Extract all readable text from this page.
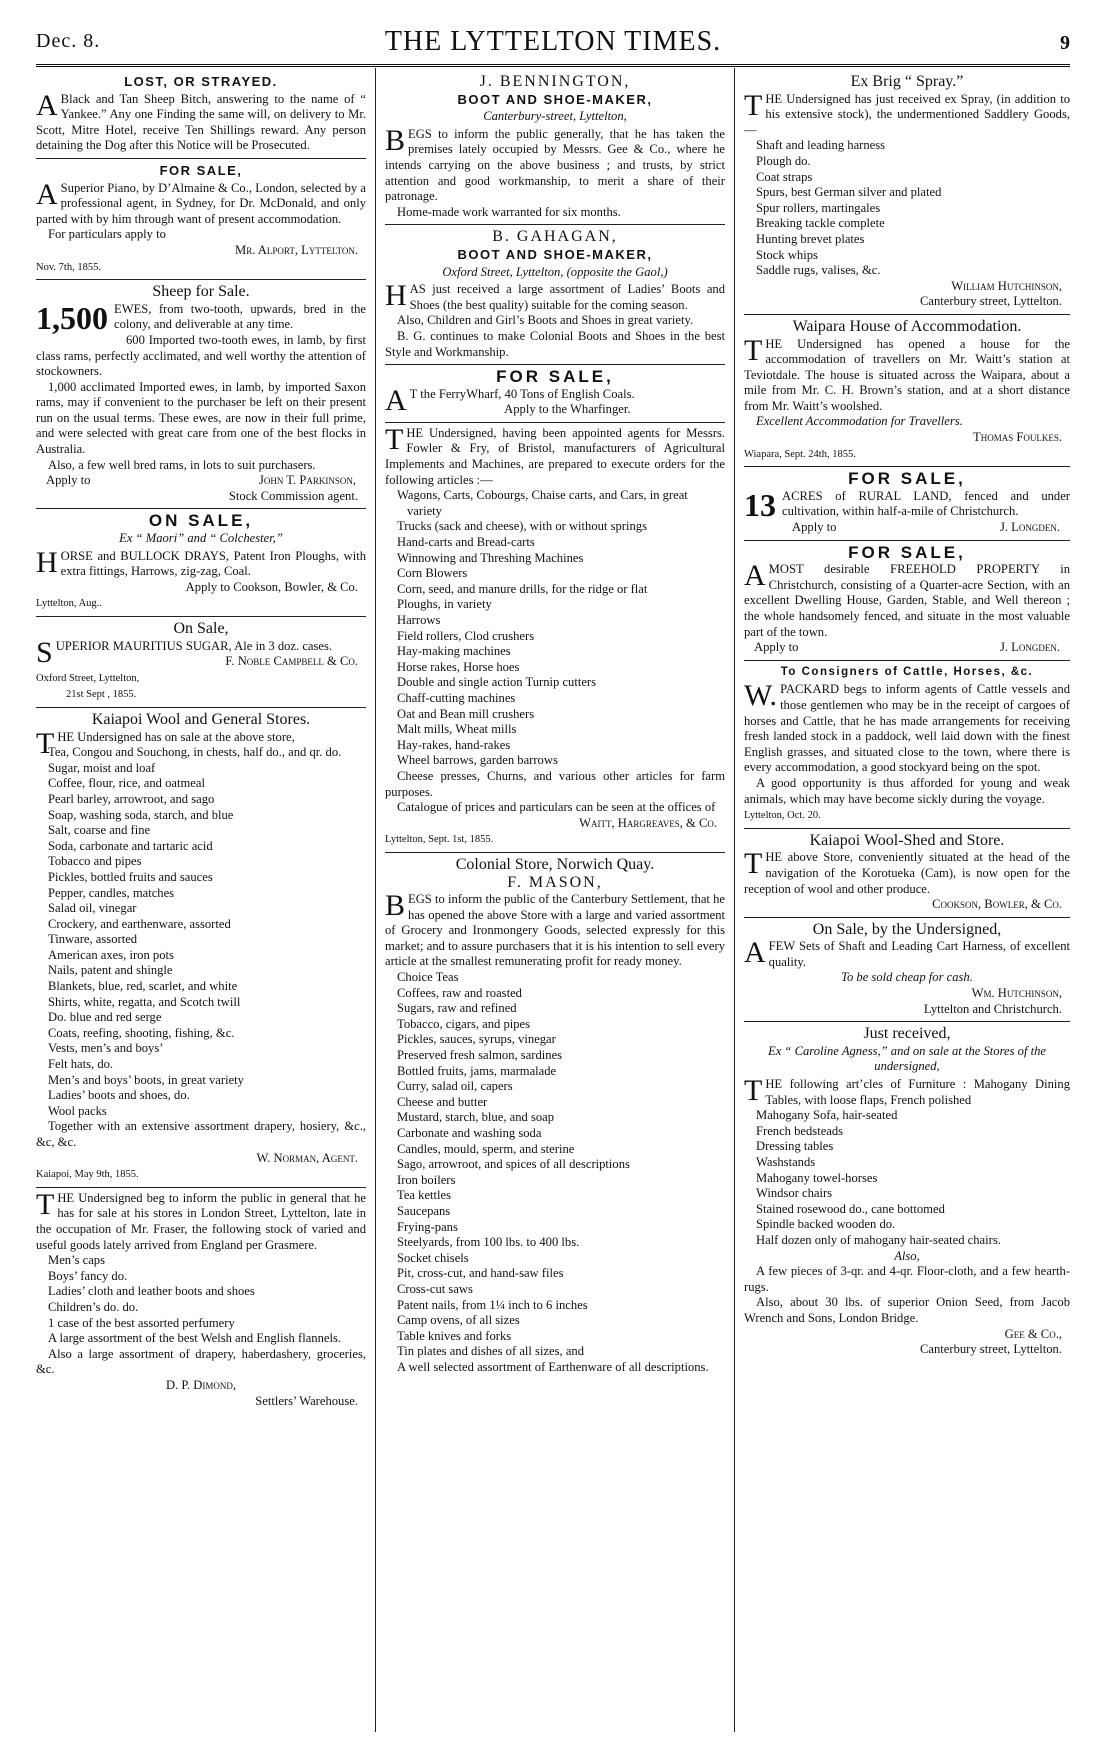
Dec. 8.	THE LYTTELTON TIMES.	9
LOST, OR STRAYED.

ABlack and Tan Sheep Bitch, answering to the name of “ Yankee.” Any one Finding the same will, on delivery to Mr. Scott, Mitre Hotel, receive Ten Shillings reward. Any person detaining the Dog after this Notice will be Prosecuted.

FOR SALE,

ASuperior Piano, by D’Almaine & Co., London, selected by a professional agent, in Sydney, for Dr. McDonald, and only parted with by him through want of present accommodation.

For particulars apply to

Mr. Alport, Lyttelton.

Nov. 7th, 1855.

Sheep for Sale.

1,500 EWES, from two-tooth, upwards, bred in the colony, and deliverable at any time.

600 Imported two-tooth ewes, in lamb, by first class rams, perfectly acclimated, and well worthy the attention of stockowners.

1,000 acclimated Imported ewes, in lamb, by imported Saxon rams, may if convenient to the purchaser be left on their present run on the usual terms. These ewes, are now in their full prime, and were selected with great care from one of the best flocks in Australia.

Also, a few well bred rams, in lots to suit purchasers.

Apply to	John T. Parkinson,

Stock Commission agent.

ON SALE,
Ex “ Maori” and “ Colchester,”

HORSE and BULLOCK DRAYS, Patent Iron Ploughs, with extra fittings, Harrows, zig-zag, Coal.

Apply to Cookson, Bowler, & Co.

Lyttelton, Aug..

On Sale,

SUPERIOR MAURITIUS SUGAR, Ale in 3 doz. cases.

F. Noble Campbell & Co.

Oxford Street, Lyttelton,

21st Sept , 1855.

Kaiapoi Wool and General Stores.

THE Undersigned has on sale at the above store,

Tea, Congou and Souchong, in chests, half do., and qr. do.
Sugar, moist and loaf
Coffee, flour, rice, and oatmeal
Pearl barley, arrowroot, and sago
Soap, washing soda, starch, and blue
Salt, coarse and fine
Soda, carbonate and tartaric acid
Tobacco and pipes
Pickles, bottled fruits and sauces
Pepper, candles, matches
Salad oil, vinegar
Crockery, and earthenware, assorted
Tinware, assorted
American axes, iron pots
Nails, patent and shingle
Blankets, blue, red, scarlet, and white
Shirts, white, regatta, and Scotch twill
Do. blue and red serge
Coats, reefing, shooting, fishing, &c.
Vests, men’s and boys’
Felt hats, do.
Men’s and boys’ boots, in great variety
Ladies’ boots and shoes, do.
Wool packs

Together with an extensive assortment drapery, hosiery, &c., &c, &c.

W. Norman, Agent.

Kaiapoi, May 9th, 1855.

THE Undersigned beg to inform the public in general that he has for sale at his stores in London Street, Lyttelton, late in the occupation of Mr. Fraser, the following stock of varied and useful goods lately arrived from England per Grasmere.

Men’s caps
Boys’ fancy do.
Ladies’ cloth and leather boots and shoes
Children’s do. do.
1 case of the best assorted perfumery

A large assortment of the best Welsh and English flannels.

Also a large assortment of drapery, haberdashery, groceries, &c.

D. P. Dimond,

Settlers’ Warehouse.

J. BENNINGTON,
BOOT AND SHOE-MAKER,
Canterbury-street, Lyttelton,

BEGS to inform the public generally, that he has taken the premises lately occupied by Messrs. Gee & Co., where he intends carrying on the above business ; and trusts, by strict attention and good workmanship, to merit a share of their patronage.

Home-made work warranted for six months.

B. GAHAGAN,
BOOT AND SHOE-MAKER,
Oxford Street, Lyttelton, (opposite the Gaol,)

HAS just received a large assortment of Ladies’ Boots and Shoes (the best quality) suitable for the coming season.

Also, Children and Girl’s Boots and Shoes in great variety.

B. G. continues to make Colonial Boots and Shoes in the best Style and Workmanship.

FOR SALE,

AT the FerryWharf, 40 Tons of English Coals.

Apply to the Wharfinger.

THE Undersigned, having been appointed agents for Messrs. Fowler & Fry, of Bristol, manufacturers of Agricultural Implements and Machines, are prepared to execute orders for the following articles :—

Wagons, Carts, Cobourgs, Chaise carts, and Cars, in great variety
Trucks (sack and cheese), with or without springs
Hand-carts and Bread-carts
Winnowing and Threshing Machines
Corn Blowers
Corn, seed, and manure drills, for the ridge or flat
Ploughs, in variety
Harrows
Field rollers, Clod crushers
Hay-making machines
Horse rakes, Horse hoes
Double and single action Turnip cutters
Chaff-cutting machines
Oat and Bean mill crushers
Malt mills, Wheat mills
Hay-rakes, hand-rakes
Wheel barrows, garden barrows

Cheese presses, Churns, and various other articles for farm purposes.

Catalogue of prices and particulars can be seen at the offices of

Waitt, Hargreaves, & Co.

Lyttelton, Sept. 1st, 1855.

Colonial Store, Norwich Quay.
F. MASON,

BEGS to inform the public of the Canterbury Settlement, that he has opened the above Store with a large and varied assortment of Grocery and Ironmongery Goods, selected expressly for this market; and to assure purchasers that it is his intention to sell every article at the smallest remunerating profit for ready money.

Choice Teas
Coffees, raw and roasted
Sugars, raw and refined
Tobacco, cigars, and pipes
Pickles, sauces, syrups, vinegar
Preserved fresh salmon, sardines
Bottled fruits, jams, marmalade
Curry, salad oil, capers
Cheese and butter
Mustard, starch, blue, and soap
Carbonate and washing soda
Candles, mould, sperm, and sterine
Sago, arrowroot, and spices of all descriptions
Iron boilers
Tea kettles
Saucepans
Frying-pans
Steelyards, from 100 lbs. to 400 lbs.
Socket chisels
Pit, cross-cut, and hand-saw files
Cross-cut saws
Patent nails, from 1¼ inch to 6 inches
Camp ovens, of all sizes
Table knives and forks
Tin plates and dishes of all sizes, and
A well selected assortment of Earthenware of all descriptions.
Ex Brig “ Spray.”

THE Undersigned has just received ex Spray, (in addition to his extensive stock), the undermentioned Saddlery Goods,—

Shaft and leading harness
Plough do.
Coat straps
Spurs, best German silver and plated
Spur rollers, martingales
Breaking tackle complete
Hunting brevet plates
Stock whips
Saddle rugs, valises, &c.

William Hutchinson,

Canterbury street, Lyttelton.

Waipara House of Accommodation.

THE Undersigned has opened a house for the accommodation of travellers on Mr. Waitt’s station at Teviotdale. The house is situated across the Waipara, about a mile from Mr. C. H. Brown’s station, and at a short distance from Mr. Waitt’s woolshed.

Excellent Accommodation for Travellers.

Thomas Foulkes.

Wiapara, Sept. 24th, 1855.

FOR SALE,

13 ACRES of RURAL LAND, fenced and under cultivation, within half-a-mile of Christchurch.

Apply to	J. Longden.
FOR SALE,

AMOST desirable FREEHOLD PROPERTY in Christchurch, consisting of a Quarter-acre Section, with an excellent Dwelling House, Garden, Stable, and Well thereon ; the whole handsomely fenced, and situate in the most valuable part of the town.

Apply to	J. Longden.
To Consigners of Cattle, Horses, &c.

W.PACKARD begs to inform agents of Cattle vessels and those gentlemen who may be in the receipt of cargoes of horses and Cattle, that he has made arrangements for receiving fresh landed stock in a paddock, well laid down with the finest English grasses, and situated close to the town, where there is every accommodation, a good stockyard being on the spot.

A good opportunity is thus afforded for young and weak animals, which may have become sickly during the voyage.

Lyttelton, Oct. 20.

Kaiapoi Wool-Shed and Store.

THE above Store, conveniently situated at the head of the navigation of the Korotueka (Cam), is now open for the reception of wool and other produce.

Cookson, Bowler, & Co.

On Sale, by the Undersigned,

AFEW Sets of Shaft and Leading Cart Harness, of excellent quality.

To be sold cheap for cash.

Wm. Hutchinson,

Lyttelton and Christchurch.

Just received,
Ex “ Caroline Agness,” and on sale at the Stores of the undersigned,

THE following art’cles of Furniture : Mahogany Dining Tables, with loose flaps, French polished

Mahogany Sofa, hair-seated
French bedsteads
Dressing tables
Washstands
Mahogany towel-horses
Windsor chairs
Stained rosewood do., cane bottomed
Spindle backed wooden do.
Half dozen only of mahogany hair-seated chairs.

Also,

A few pieces of 3-qr. and 4-qr. Floor-cloth, and a few hearth-rugs.

Also, about 30 lbs. of superior Onion Seed, from Jacob Wrench and Sons, London Bridge.

Gee & Co.,

Canterbury street, Lyttelton.
